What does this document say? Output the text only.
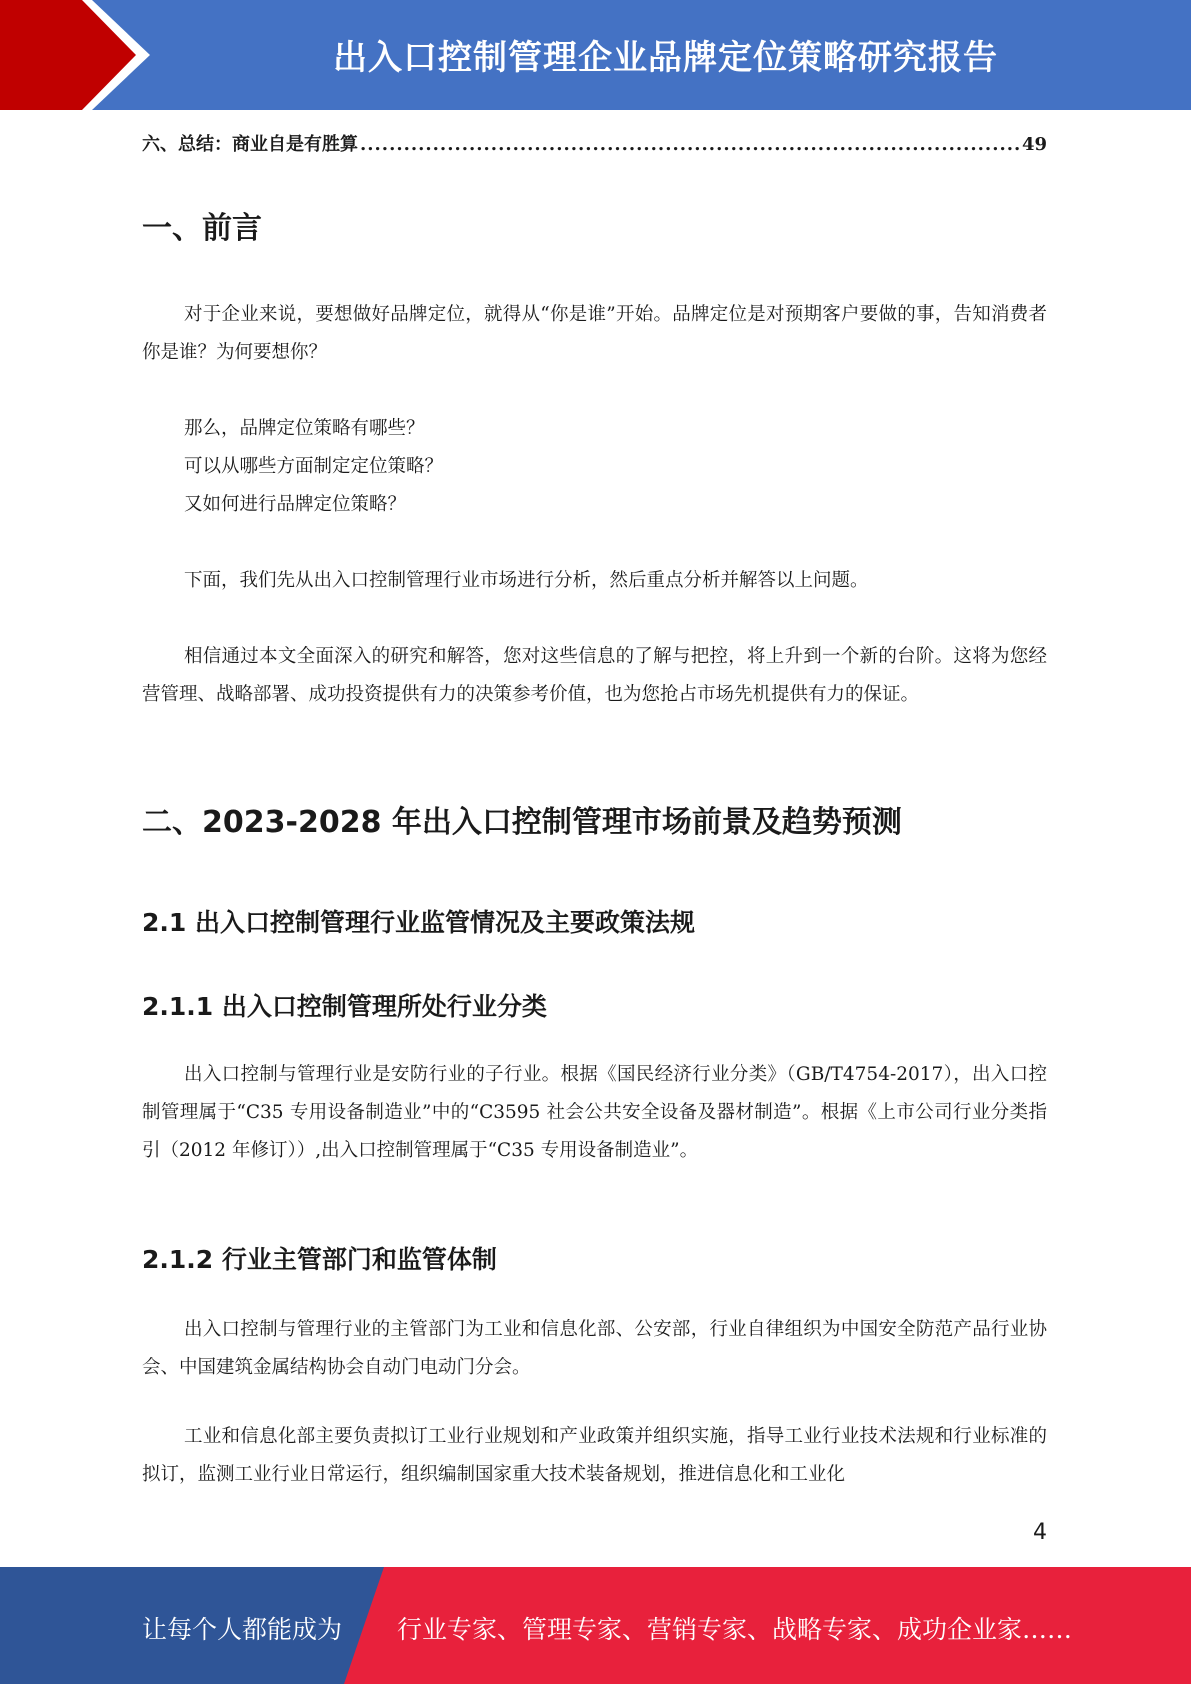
出入口控制管理企业品牌定位策略研究报告
六、总结：商业自是有胜算
.....	49
一、前言

对于企业来说，要想做好品牌定位，就得从“你是谁”开始。品牌定位是对预期客户要做的事，告知消费者你是谁？为何要想你？

那么，品牌定位策略有哪些？

可以从哪些方面制定定位策略？

又如何进行品牌定位策略？

下面，我们先从出入口控制管理行业市场进行分析，然后重点分析并解答以上问题。

相信通过本文全面深入的研究和解答，您对这些信息的了解与把控，将上升到一个新的台阶。这将为您经营管理、战略部署、成功投资提供有力的决策参考价值，也为您抢占市场先机提供有力的保证。

二、2023-2028 年出入口控制管理市场前景及趋势预测
2.1 出入口控制管理行业监管情况及主要政策法规
2.1.1 出入口控制管理所处行业分类

出入口控制与管理行业是安防行业的子行业。根据《国民经济行业分类》（GB/T4754-2017），出入口控制管理属于“C35 专用设备制造业”中的“C3595 社会公共安全设备及器材制造”。根据《上市公司行业分类指引（2012 年修订））,出入口控制管理属于“C35 专用设备制造业”。

2.1.2 行业主管部门和监管体制

出入口控制与管理行业的主管部门为工业和信息化部、公安部，行业自律组织为中国安全防范产品行业协会、中国建筑金属结构协会自动门电动门分会。

工业和信息化部主要负责拟订工业行业规划和产业政策并组织实施，指导工业行业技术法规和行业标准的拟订，监测工业行业日常运行，组织编制国家重大技术装备规划，推进信息化和工业化

4
让每个人都能成为 行业专家、管理专家、营销专家、战略专家、成功企业家……
